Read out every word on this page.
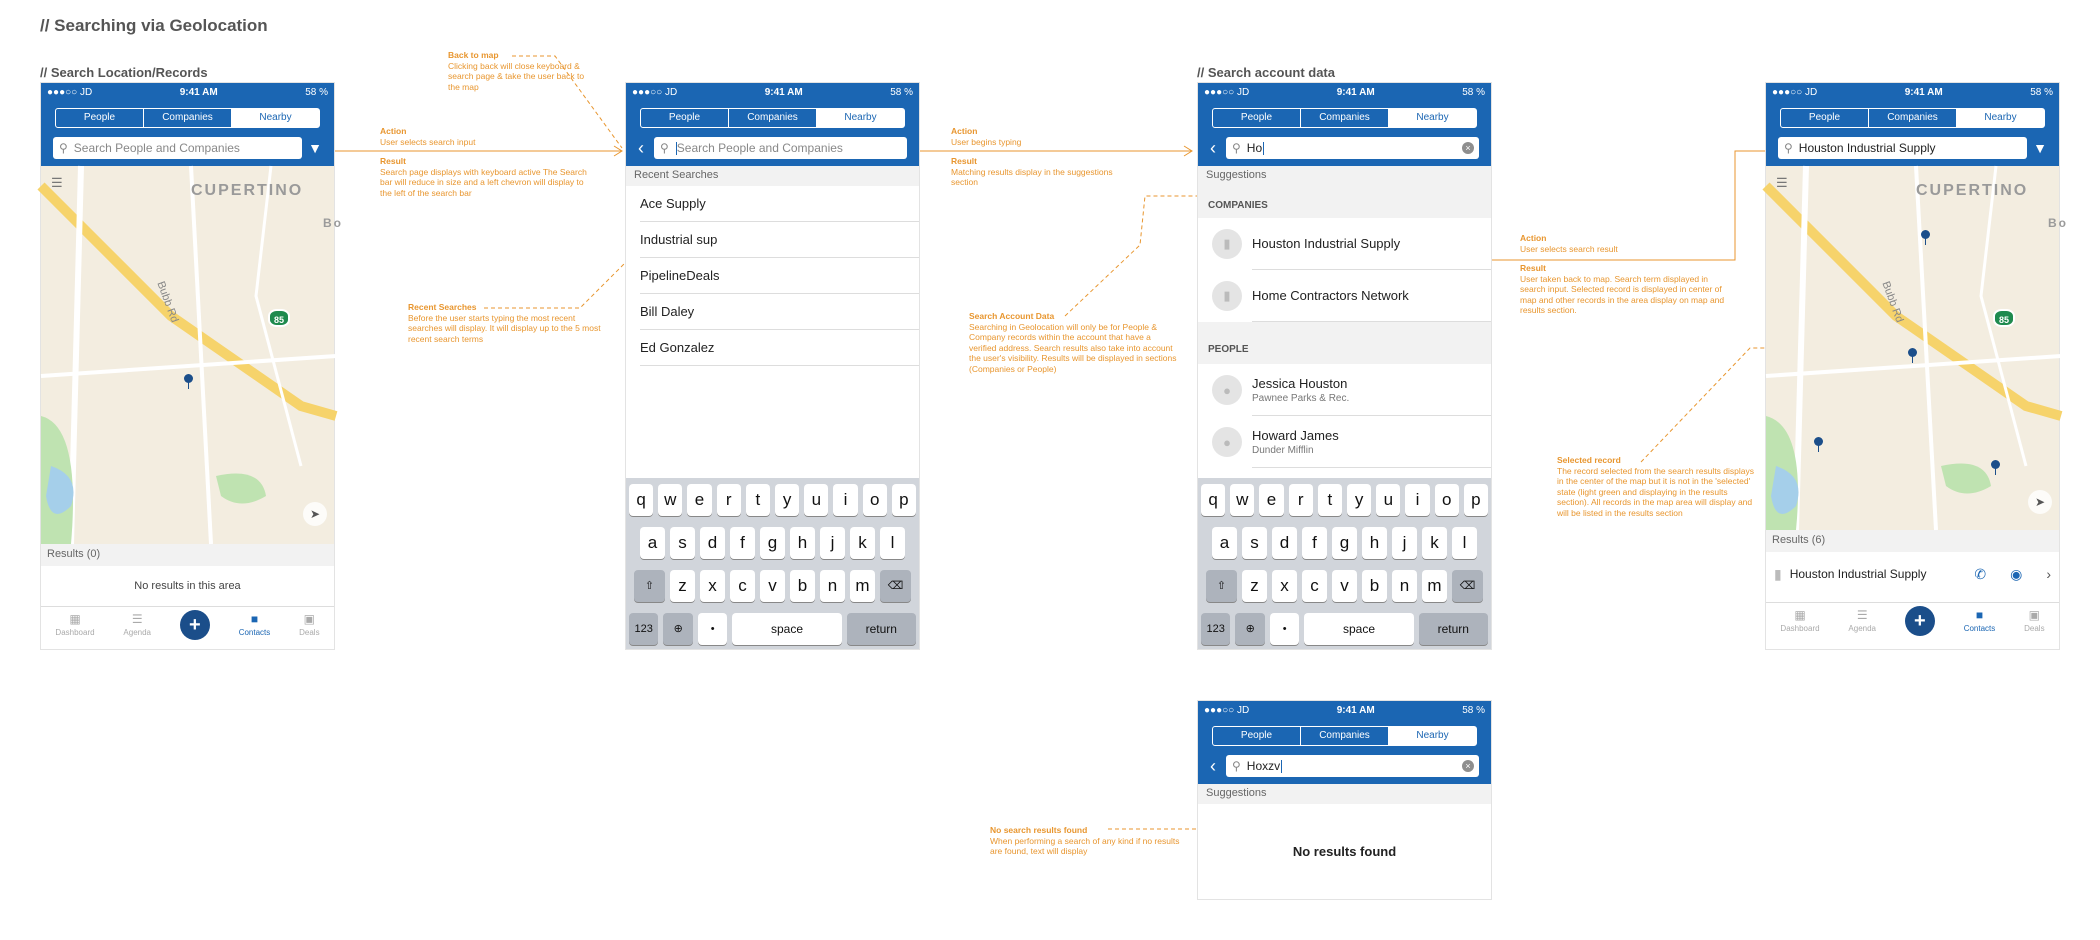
// Searching via Geolocation
// Search Location/Records	// Search account data
●●●○○ JD	9:41 AM	58 %
People	Companies	Nearby
⚲ Search People and Companies	▼
☰	CUPERTINO
Bubb Rd	85
Bo
➤
Results (0)
No results in this area
▦
Dashboard
☰
Agenda	+	■
Contacts
▣
Deals
●●●○○ JD	9:41 AM	58 %
People	Companies	Nearby
‹	⚲ Search People and Companies
Recent Searches
Ace Supply
Industrial sup
PipelineDeals
Bill Daley
Ed Gonzalez
q	w	e	r	t	y	u	i	o	p
a	s	d	f	g	h	j	k	l
⇧	z	x	c	v	b	n	m	⌫
123	⊕	•	space	return
●●●○○ JD	9:41 AM	58 %
People	Companies	Nearby
‹	⚲ Ho	×
Suggestions
COMPANIES
▮	Houston Industrial Supply
▮	Home Contractors Network
PEOPLE
●	Jessica Houston
Pawnee Parks & Rec.
●	Howard James
Dunder Mifflin
q	w	e	r	t	y	u	i	o	p
a	s	d	f	g	h	j	k	l
⇧	z	x	c	v	b	n	m	⌫
123	⊕	•	space	return
●●●○○ JD	9:41 AM	58 %
People	Companies	Nearby
⚲ Houston Industrial Supply	▼
☰	CUPERTINO
Bubb Rd	85
Bo
➤
Results (6)
▮ Houston Industrial Supply	✆ ◉ ›
▦
Dashboard
☰
Agenda	+	■
Contacts
▣
Deals
●●●○○ JD	9:41 AM	58 %
People	Companies	Nearby
‹	⚲ Hoxzv	×
Suggestions
No results found
Back to map
Clicking back will close keyboard & search page & take the user back to the map
Action
User selects search input
Result
Search page displays with keyboard active The Search bar will reduce in size and a left chevron will display to the left of the search bar
Recent Searches
Before the user starts typing the most recent searches will display. It will display up to the 5 most recent search terms
Action
User begins typing
Result
Matching results display in the suggestions section
Search Account Data
Searching in Geolocation will only be for People & Company records within the account that have a verified address. Search results also take into account the user's visibility. Results will be displayed in sections (Companies or People)
Action
User selects search result
Result
User taken back to map. Search term displayed in search input. Selected record is displayed in center of map and other records in the area display on map and results section.
Selected record
The record selected from the search results displays in the center of the map but it is not in the 'selected' state (light green and displaying in the results section). All records in the map area will display and will be listed in the results section
No search results found
When performing a search of any kind if no results are found, text will display
